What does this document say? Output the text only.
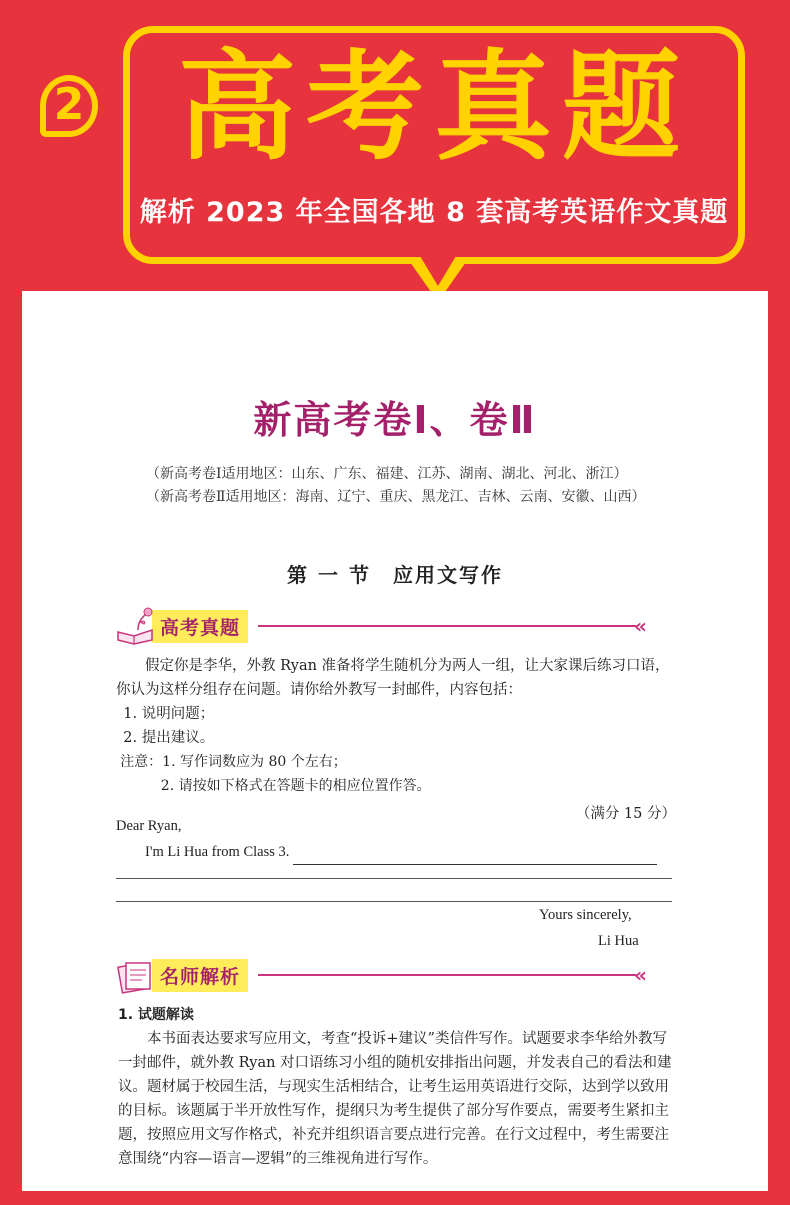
2 高考真题
解析 2023 年全国各地 8 套高考英语作文真题
新高考卷Ⅰ、卷Ⅱ
（新高考卷Ⅰ适用地区：山东、广东、福建、江苏、湖南、湖北、河北、浙江）
（新高考卷Ⅱ适用地区：海南、辽宁、重庆、黑龙江、吉林、云南、安徽、山西）
第 一 节　应用文写作
高考真题	«
假定你是李华，外教 Ryan 准备将学生随机分为两人一组，让大家课后练习口语，你认为这样分组存在问题。请你给外教写一封邮件，内容包括：
1. 说明问题；
2. 提出建议。
注意：1. 写作词数应为 80 个左右；
2. 请按如下格式在答题卡的相应位置作答。
（满分 15 分）
Dear Ryan,
I'm Li Hua from Class 3.
Yours sincerely,
Li Hua
名师解析	«
1. 试题解读
本书面表达要求写应用文，考查“投诉+建议”类信件写作。试题要求李华给外教写一封邮件，就外教 Ryan 对口语练习小组的随机安排指出问题，并发表自己的看法和建议。题材属于校园生活，与现实生活相结合，让考生运用英语进行交际，达到学以致用的目标。该题属于半开放性写作，提纲只为考生提供了部分写作要点，需要考生紧扣主题，按照应用文写作格式，补充并组织语言要点进行完善。在行文过程中，考生需要注意围绕“内容—语言—逻辑”的三维视角进行写作。
